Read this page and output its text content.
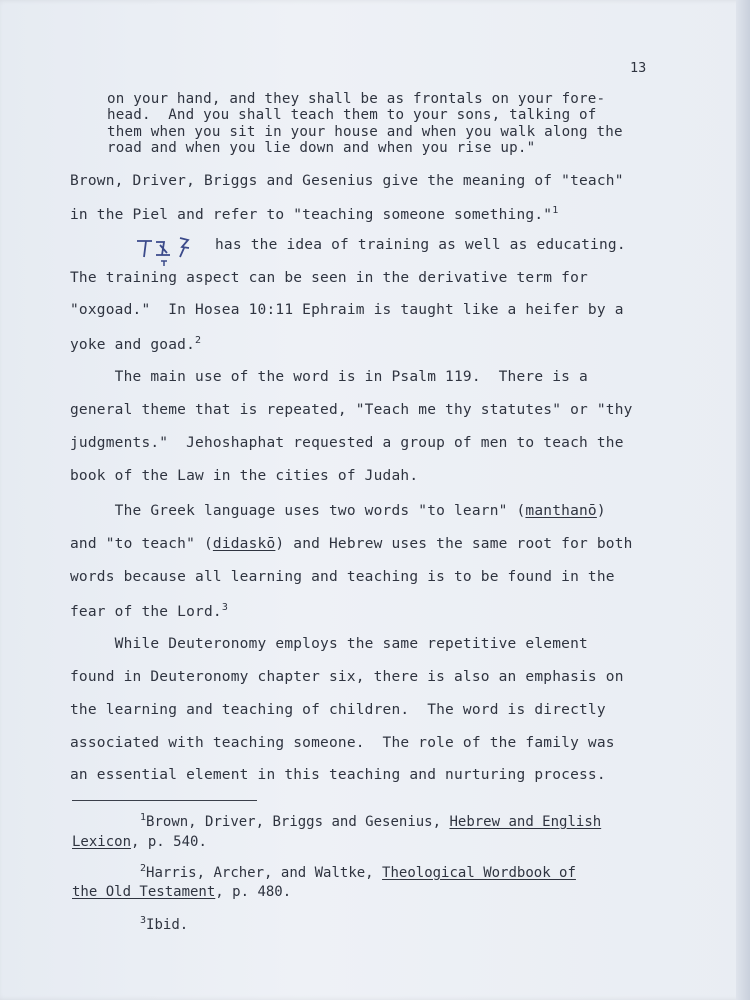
13
on your hand, and they shall be as frontals on your fore-
head.  And you shall teach them to your sons, talking of
them when you sit in your house and when you walk along the
road and when you lie down and when you rise up."
Brown, Driver, Briggs and Gesenius give the meaning of "teach"
in the Piel and refer to "teaching someone something."$^1$
has the idea of training as well as educating.
The training aspect can be seen in the derivative term for
"oxgoad."  In Hosea 10:11 Ephraim is taught like a heifer by a
yoke and goad.$^2$
The main use of the word is in Psalm 119.  There is a
general theme that is repeated, "Teach me thy statutes" or "thy
judgments."  Jehoshaphat requested a group of men to teach the
book of the Law in the cities of Judah.
The Greek language uses two words "to learn" (manthanō)
and "to teach" (didaskō) and Hebrew uses the same root for both
words because all learning and teaching is to be found in the
fear of the Lord.$^3$
While Deuteronomy employs the same repetitive element
found in Deuteronomy chapter six, there is also an emphasis on
the learning and teaching of children.  The word is directly
associated with teaching someone.  The role of the family was
an essential element in this teaching and nurturing process.
$^1$Brown, Driver, Briggs and Gesenius, Hebrew and English
Lexicon, p. 540.
$^2$Harris, Archer, and Waltke, Theological Wordbook of
the Old Testament, p. 480.
$^3$Ibid.
